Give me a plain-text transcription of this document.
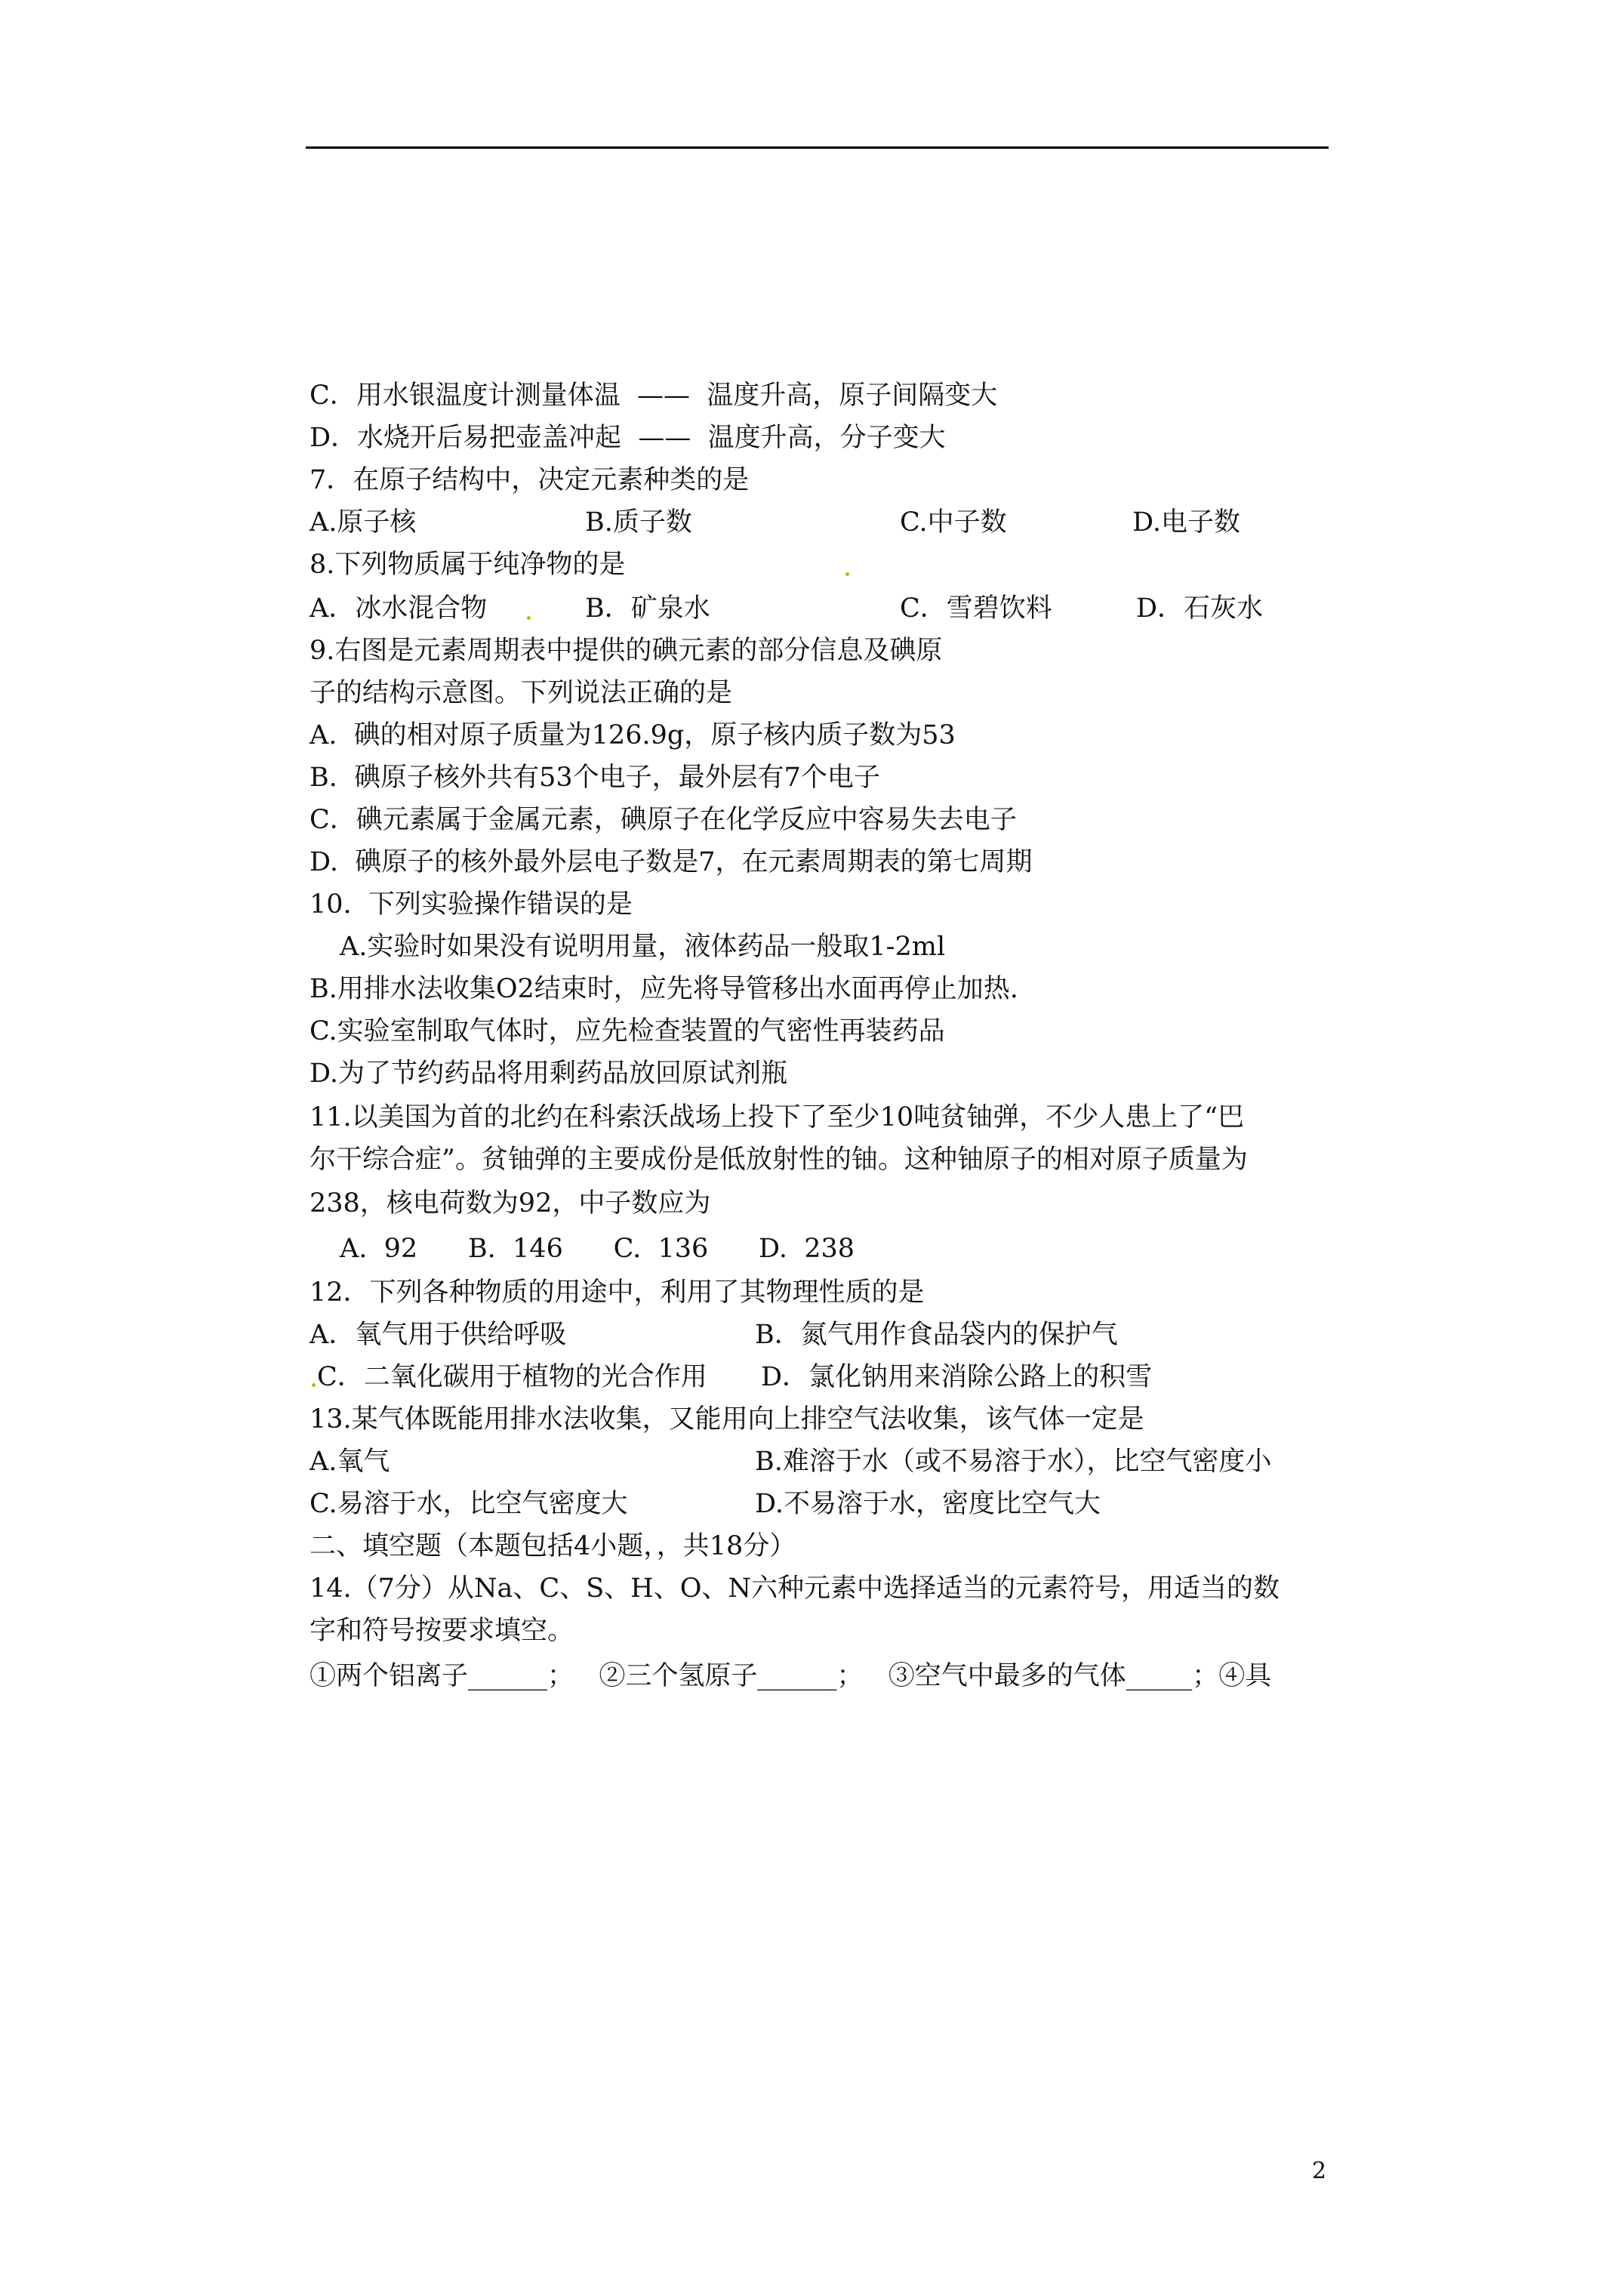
C．用水银温度计测量体温  ——  温度升高，原子间隔变大
D．水烧开后易把壶盖冲起  ——  温度升高，分子变大
7．在原子结构中，决定元素种类的是
A.原子核	B.质子数	C.中子数	D.电子数
8.下列物质属于纯净物的是
A．冰水混合物	B．矿泉水	C．雪碧饮料	D．石灰水
9.右图是元素周期表中提供的碘元素的部分信息及碘原
子的结构示意图。下列说法正确的是
A.  碘的相对原子质量为126.9g，原子核内质子数为53
B.  碘原子核外共有53个电子，最外层有7个电子
C．碘元素属于金属元素，碘原子在化学反应中容易失去电子
D.  碘原子的核外最外层电子数是7，在元素周期表的第七周期
10.  下列实验操作错误的是
A.实验时如果没有说明用量，液体药品一般取1-2ml
B.用排水法收集O2结束时，应先将导管移出水面再停止加热.
C.实验室制取气体时，应先检查装置的气密性再装药品
D.为了节约药品将用剩药品放回原试剂瓶
11.以美国为首的北约在科索沃战场上投下了至少10吨贫铀弹，不少人患上了“巴
尔干综合症”。贫铀弹的主要成份是低放射性的铀。这种铀原子的相对原子质量为
238，核电荷数为92，中子数应为
A.  92      B.  146      C.  136      D.  238
12．下列各种物质的用途中，利用了其物理性质的是
A．氧气用于供给呼吸	B．氮气用作食品袋内的保护气
C．二氧化碳用于植物的光合作用 D．氯化钠用来消除公路上的积雪
13.某气体既能用排水法收集，又能用向上排空气法收集，该气体一定是
A.氧气	B.难溶于水（或不易溶于水），比空气密度小
C.易溶于水，比空气密度大	D.不易溶于水，密度比空气大
二、填空题（本题包括4小题，，共18分）
14.（7分）从Na、C、S、H、O、N六种元素中选择适当的元素符号，用适当的数
字和符号按要求填空。
①两个铝离子______；   ②三个氢原子______；   ③空气中最多的气体_____；④具
2
